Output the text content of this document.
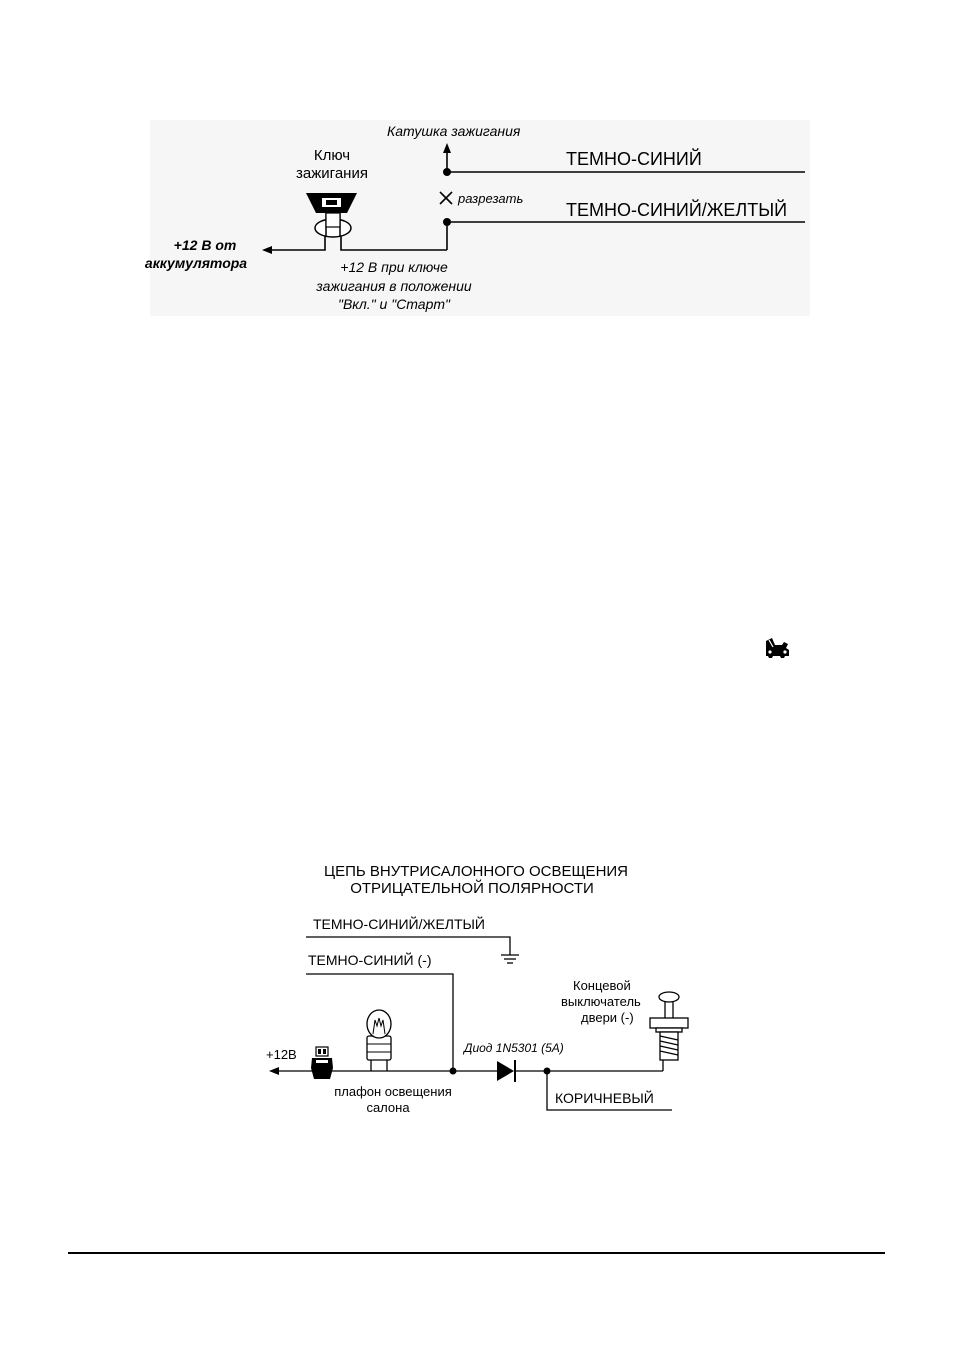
Катушка зажигания
Ключ
зажигания
ТЕМНО-СИНИЙ
ТЕМНО-СИНИЙ/ЖЕЛТЫЙ
разрезать
+12 В от
аккумулятора	+12 В при ключе
зажигания в положении
"Вкл." и "Старт"
ЦЕПЬ ВНУТРИСАЛОННОГО ОСВЕЩЕНИЯ
ОТРИЦАТЕЛЬНОЙ ПОЛЯРНОСТИ
ТЕМНО-СИНИЙ/ЖЕЛТЫЙ
ТЕМНО-СИНИЙ (-)
+12В
плафон освещения
салона
Диод 1N5301 (5А)
Концевой
выключатель
двери (-)
КОРИЧНЕВЫЙ
